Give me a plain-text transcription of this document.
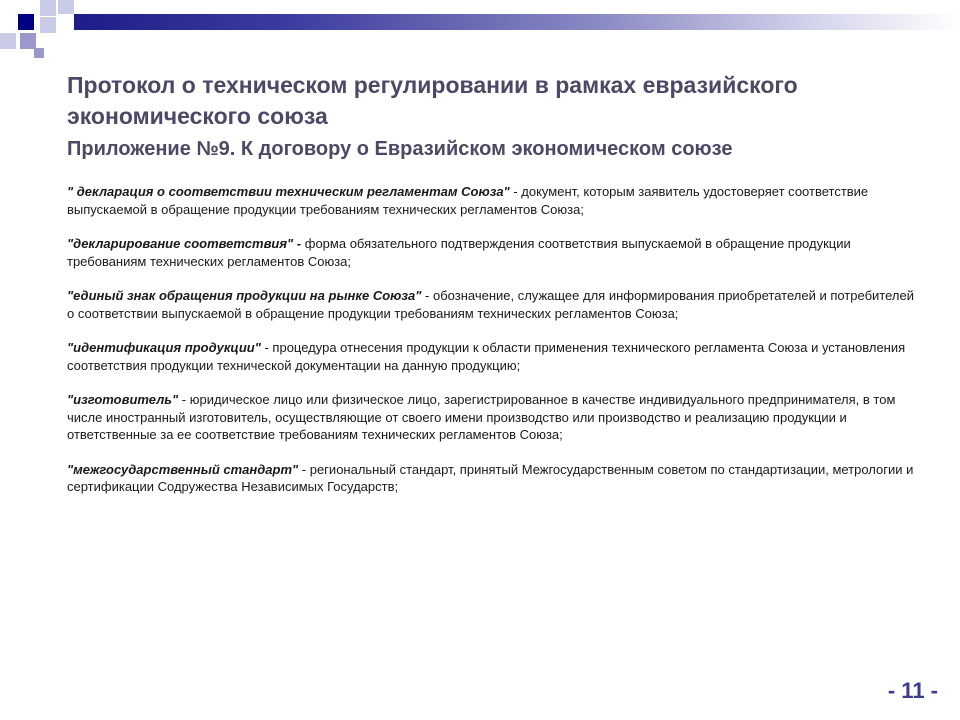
Протокол о техническом регулировании в рамках евразийского экономического союза
Приложение №9. К договору о Евразийском экономическом союзе

" декларация о соответствии техническим регламентам Союза" - документ, которым заявитель удостоверяет соответствие выпускаемой в обращение продукции требованиям технических регламентов Союза;

"декларирование соответствия" - форма обязательного подтверждения соответствия выпускаемой в обращение продукции требованиям технических регламентов Союза;

"единый знак обращения продукции на рынке Союза" - обозначение, служащее для информирования приобретателей и потребителей о соответствии выпускаемой в обращение продукции требованиям технических регламентов Союза;

"идентификация продукции" - процедура отнесения продукции к области применения технического регламента Союза и установления соответствия продукции технической документации на данную продукцию;

"изготовитель" - юридическое лицо или физическое лицо, зарегистрированное в качестве индивидуального предпринимателя, в том числе иностранный изготовитель, осуществляющие от своего имени производство или производство и реализацию продукции и ответственные за ее соответствие требованиям технических регламентов Союза;

"межгосударственный стандарт" - региональный стандарт, принятый Межгосударственным советом по стандартизации, метрологии и сертификации Содружества Независимых Государств;

- 11 -
